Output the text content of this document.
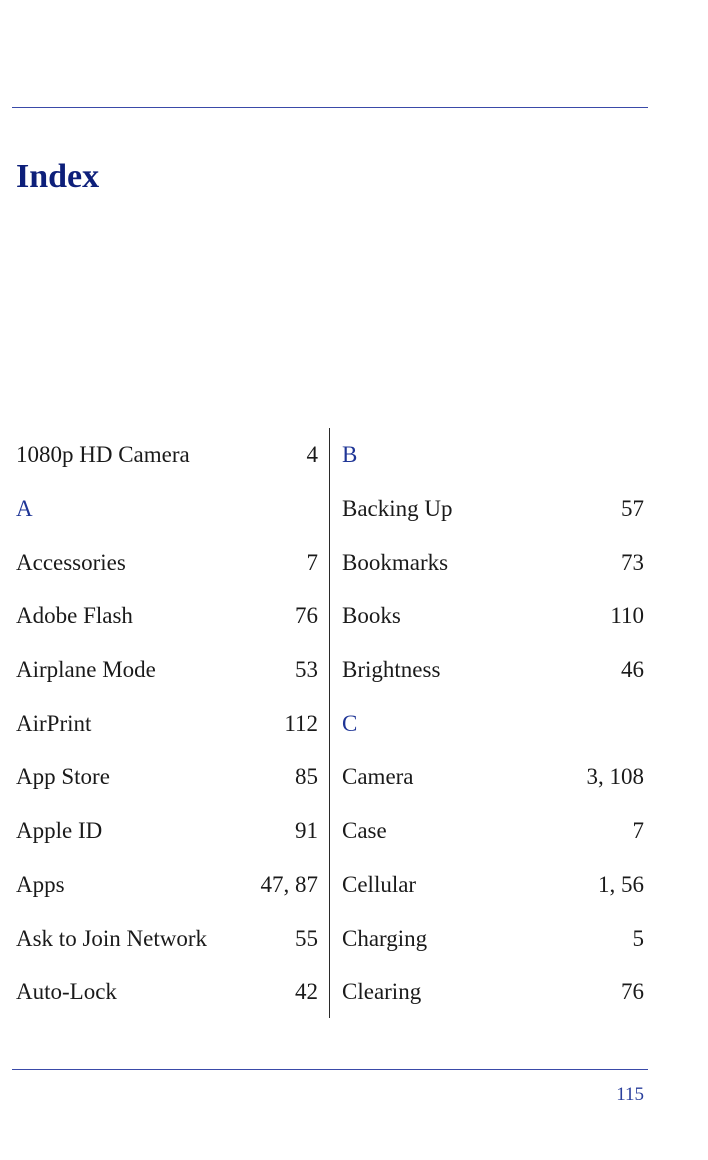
Index
1080p HD Camera	4
A
Accessories	7
Adobe Flash	76
Airplane Mode	53
AirPrint	112
App Store	85
Apple ID	91
Apps	47, 87
Ask to Join Network	55
Auto-Lock	42
B
Backing Up	57
Bookmarks	73
Books	110
Brightness	46
C
Camera	3, 108
Case	7
Cellular	1, 56
Charging	5
Clearing	76
115
